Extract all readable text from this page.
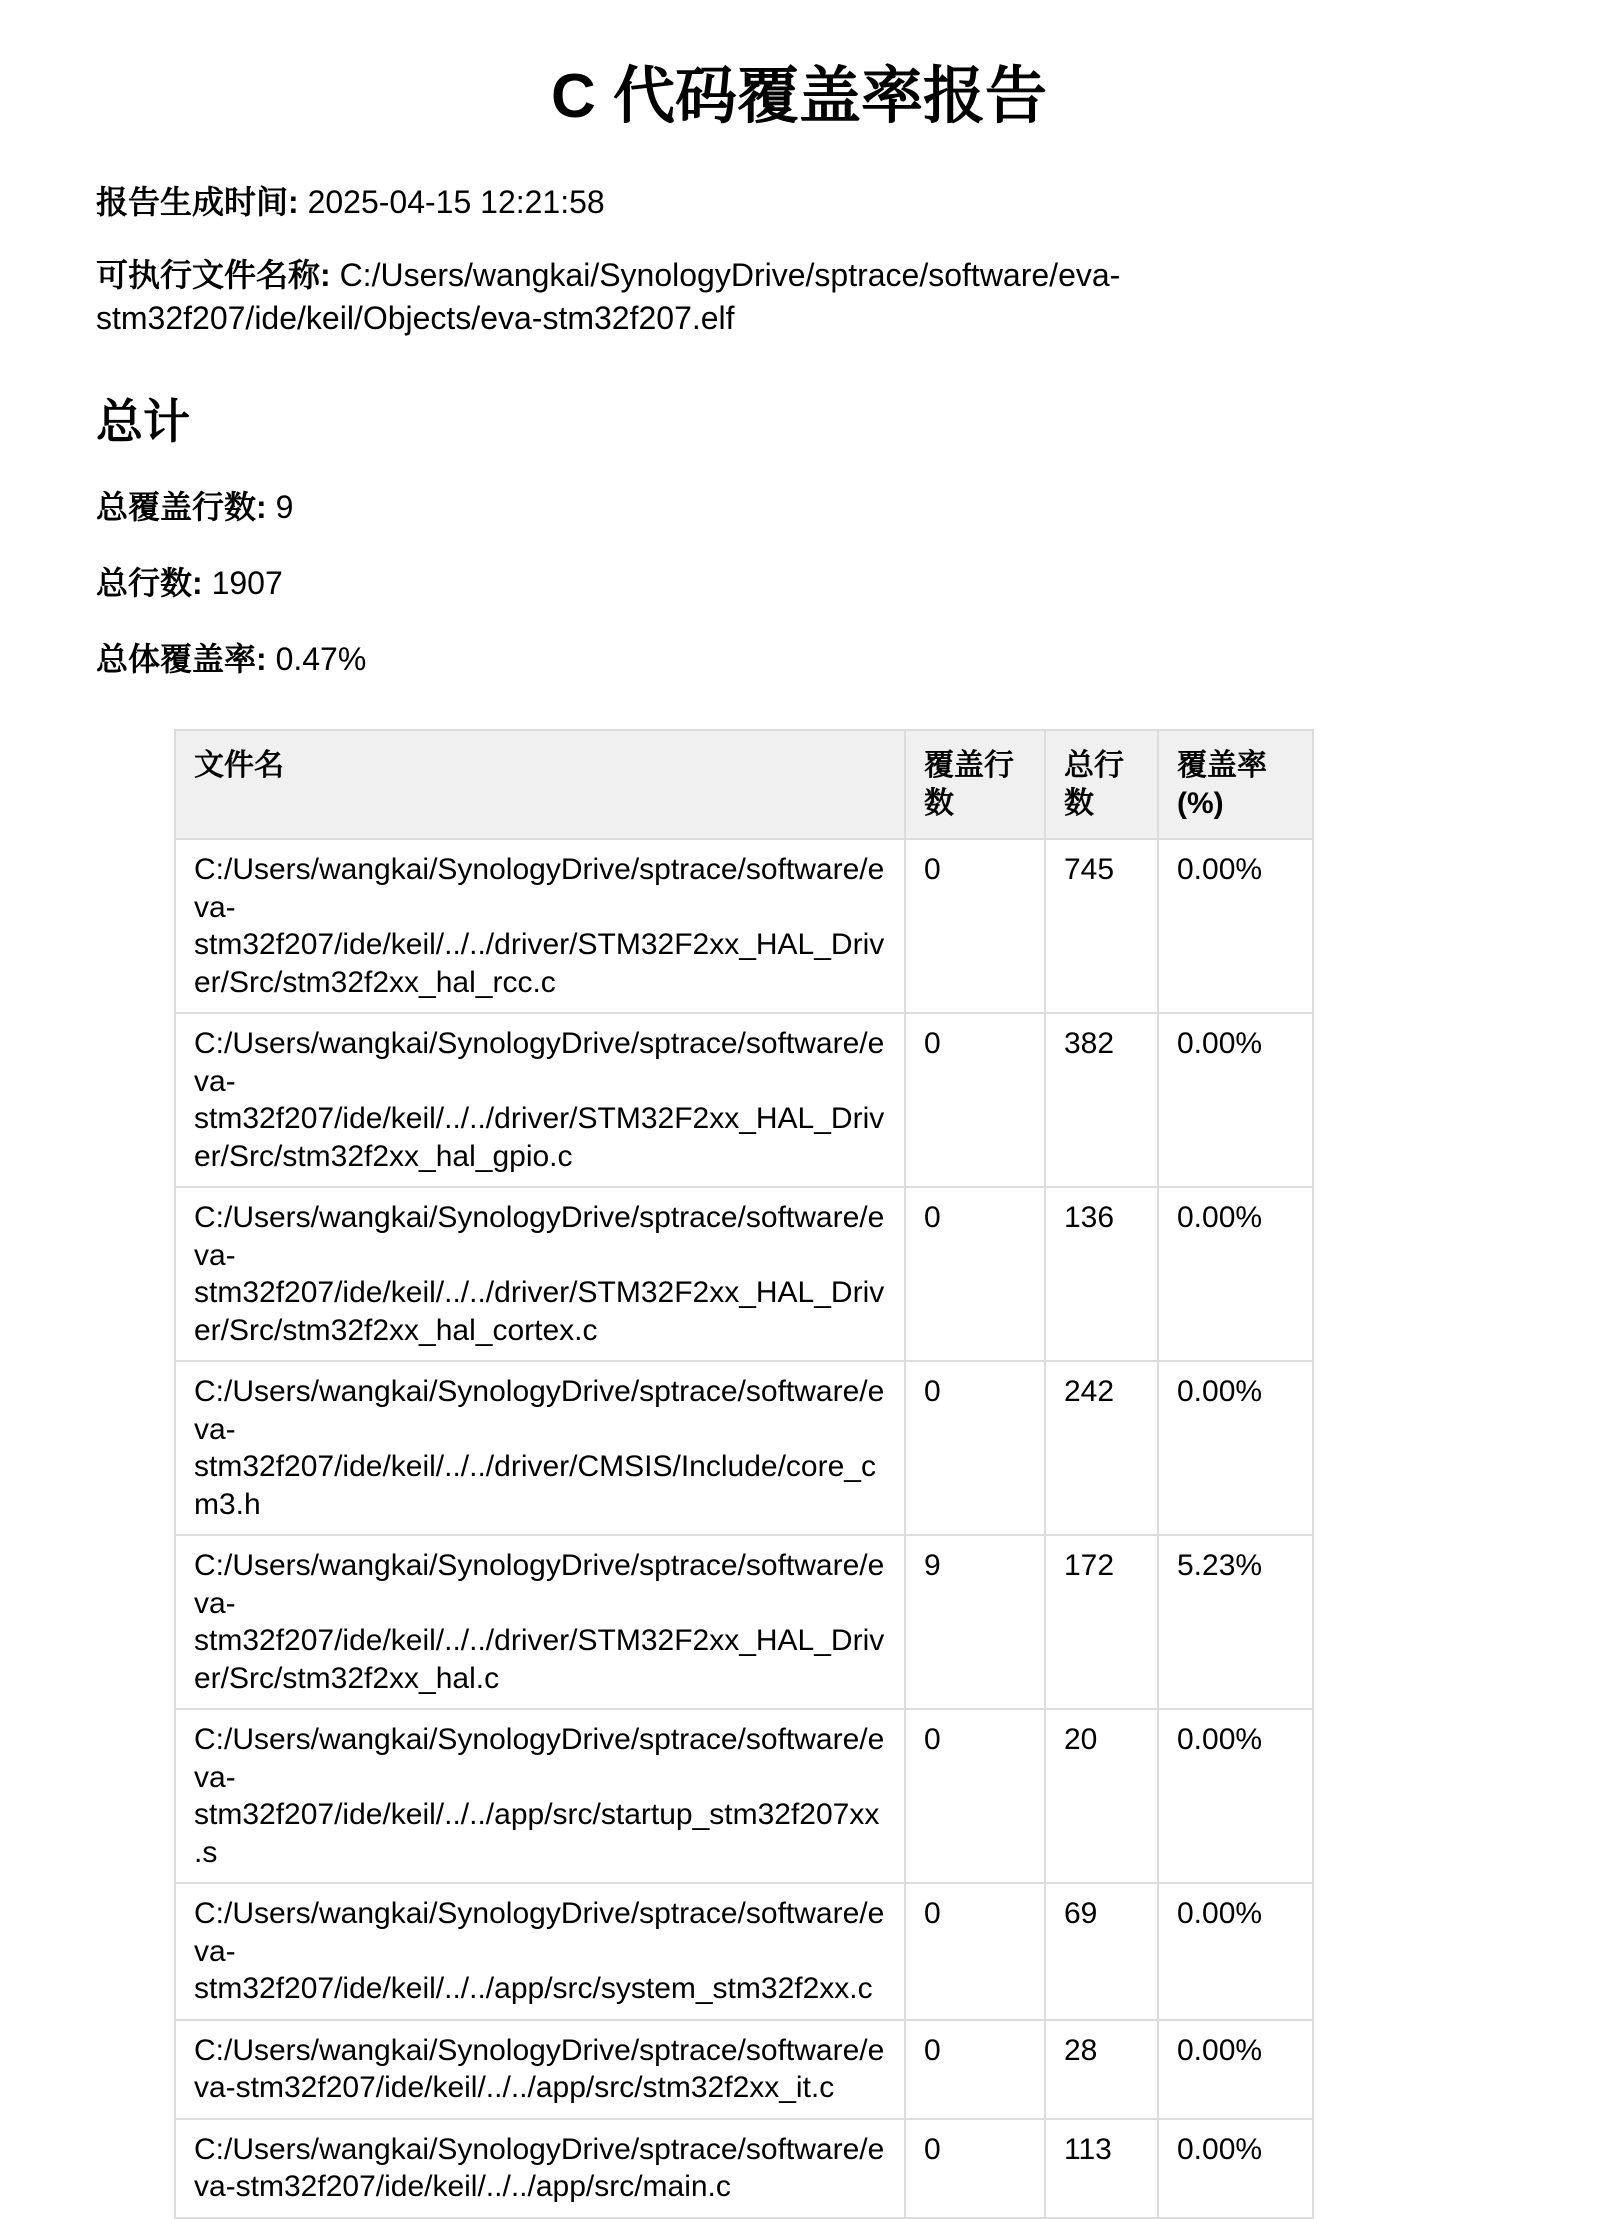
C 代码覆盖率报告

报告生成时间: 2025-04-15 12:21:58

可执行文件名称: C:/Users/wangkai/SynologyDrive/sptrace/software/eva-stm32f207/ide/keil/Objects/eva-stm32f207.elf

总计

总覆盖行数: 9

总行数: 1907

总体覆盖率: 0.47%

文件名	覆盖行数	总行数	覆盖率 (%)
C:/Users/wangkai/SynologyDrive/sptrace/software/eva-stm32f207/ide/keil/../../driver/STM32F2xx_HAL_Driver/Src/stm32f2xx_hal_rcc.c	0	745	0.00%
C:/Users/wangkai/SynologyDrive/sptrace/software/eva-stm32f207/ide/keil/../../driver/STM32F2xx_HAL_Driver/Src/stm32f2xx_hal_gpio.c	0	382	0.00%
C:/Users/wangkai/SynologyDrive/sptrace/software/eva-stm32f207/ide/keil/../../driver/STM32F2xx_HAL_Driver/Src/stm32f2xx_hal_cortex.c	0	136	0.00%
C:/Users/wangkai/SynologyDrive/sptrace/software/eva-stm32f207/ide/keil/../../driver/CMSIS/Include/core_cm3.h	0	242	0.00%
C:/Users/wangkai/SynologyDrive/sptrace/software/eva-stm32f207/ide/keil/../../driver/STM32F2xx_HAL_Driver/Src/stm32f2xx_hal.c	9	172	5.23%
C:/Users/wangkai/SynologyDrive/sptrace/software/eva-stm32f207/ide/keil/../../app/src/startup_stm32f207xx.s	0	20	0.00%
C:/Users/wangkai/SynologyDrive/sptrace/software/eva-stm32f207/ide/keil/../../app/src/system_stm32f2xx.c	0	69	0.00%
C:/Users/wangkai/SynologyDrive/sptrace/software/eva-stm32f207/ide/keil/../../app/src/stm32f2xx_it.c	0	28	0.00%
C:/Users/wangkai/SynologyDrive/sptrace/software/eva-stm32f207/ide/keil/../../app/src/main.c	0	113	0.00%
